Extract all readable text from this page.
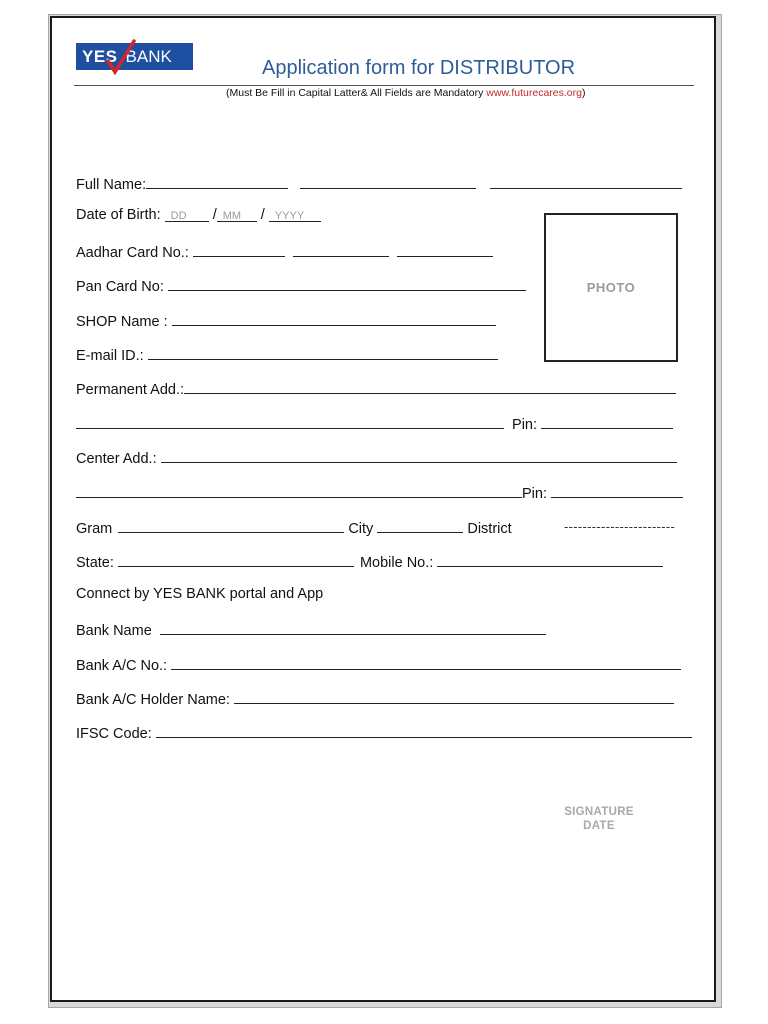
YES BANK
Application form for DISTRIBUTOR
(Must Be Fill in Capital Latter& All Fields are Mandatory www.futurecares.org)
Full Name:
Date of Birth: DD / MM / YYYY
Aadhar Card No.:
Pan Card No:
SHOP Name :
E-mail ID.:
PHOTO
Permanent Add.:
Pin:
Center Add.:
Pin:
Gram	City	District	------------------------
State:	Mobile No.:
Connect by YES BANK portal and App
Bank Name
Bank A/C No.:
Bank A/C Holder Name:
IFSC Code:
SIGNATURE
DATE
